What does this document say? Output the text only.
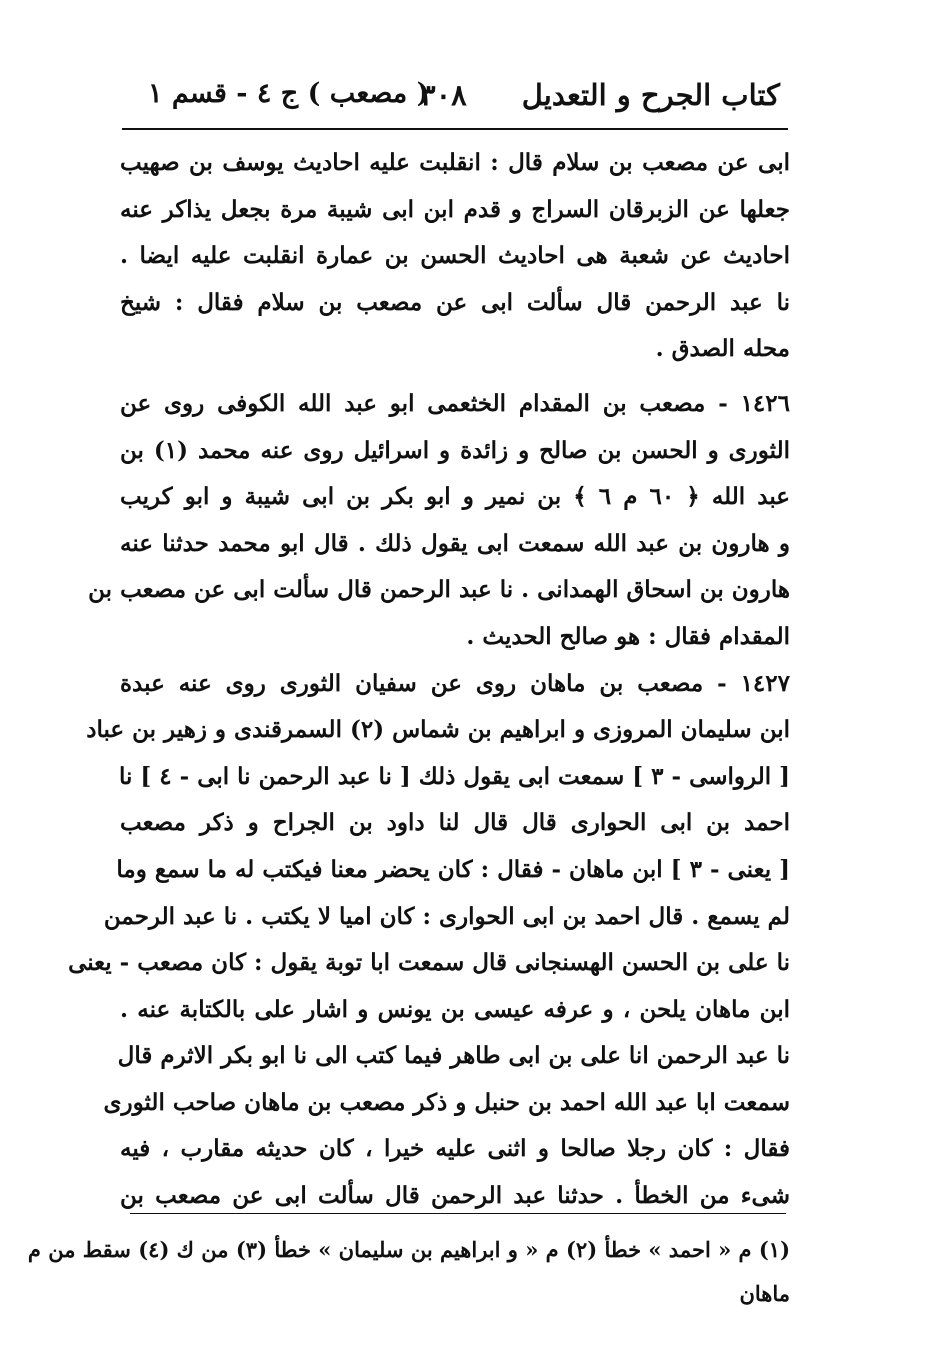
كتاب الجرح و التعديل
٣٠٨
( مصعب ) ج ٤ - قسم ١
ابى عن مصعب بن سلام قال : انقلبت عليه احاديث يوسف بن صهيب
جعلها عن الزبرقان السراج و قدم ابن ابى شيبة مرة بجعل يذاكر عنه
احاديث عن شعبة هى احاديث الحسن بن عمارة انقلبت عليه ايضا .
نا عبد الرحمن قال سألت ابى عن مصعب بن سلام فقال : شيخ
محله الصدق .
١٤٢٦ - مصعب بن المقدام الخثعمى ابو عبد الله الكوفى روى عن
الثورى و الحسن بن صالح و زائدة و اسرائيل روى عنه محمد (١) بن
عبد الله ﴿ ٦٠ م ٦ ﴾ بن نمير و ابو بكر بن ابى شيبة و ابو كريب
و هارون بن عبد الله سمعت ابى يقول ذلك . قال ابو محمد حدثنا عنه
هارون بن اسحاق الهمدانى . نا عبد الرحمن قال سألت ابى عن مصعب بن
المقدام فقال : هو صالح الحديث .
١٤٢٧ - مصعب بن ماهان روى عن سفيان الثورى روى عنه عبدة
ابن سليمان المروزى و ابراهيم بن شماس (٢) السمرقندى و زهير بن عباد
[ الرواسى - ٣ ] سمعت ابى يقول ذلك [ نا عبد الرحمن نا ابى - ٤ ] نا
احمد بن ابى الحوارى قال قال لنا داود بن الجراح و ذكر مصعب
[ يعنى - ٣ ] ابن ماهان - فقال : كان يحضر معنا فيكتب له ما سمع وما
لم يسمع . قال احمد بن ابى الحوارى : كان اميا لا يكتب . نا عبد الرحمن
نا على بن الحسن الهسنجانى قال سمعت ابا توبة يقول : كان مصعب - يعنى
ابن ماهان يلحن ، و عرفه عيسى بن يونس و اشار على بالكتابة عنه .
نا عبد الرحمن انا على بن ابى طاهر فيما كتب الى نا ابو بكر الاثرم قال
سمعت ابا عبد الله احمد بن حنبل و ذكر مصعب بن ماهان صاحب الثورى
فقال : كان رجلا صالحا و اثنى عليه خيرا ، كان حديثه مقارب ، فيه
شىء من الخطأ . حدثنا عبد الرحمن قال سألت ابى عن مصعب بن
(١) م « احمد » خطأ (٢) م « و ابراهيم بن سليمان » خطأ (٣) من ك (٤) سقط من م
ماهان
